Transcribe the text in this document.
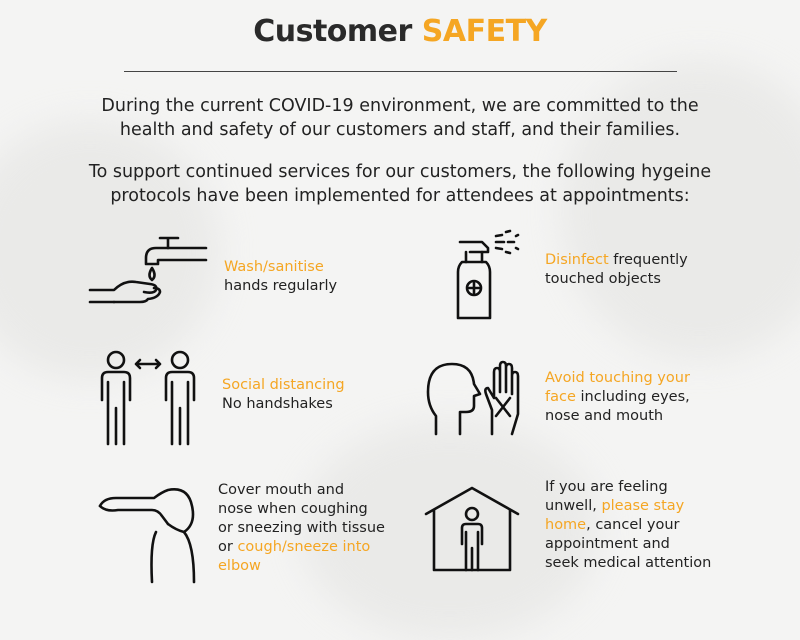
Customer SAFETY
During the current COVID-19 environment, we are committed to the
health and safety of our customers and staff, and their families.
To support continued services for our customers, the following hygeine
protocols have been implemented for attendees at appointments:
Wash/sanitise
hands regularly
Disinfect frequently
touched objects
Social distancing
No handshakes
Avoid touching your
face including eyes,
nose and mouth
Cover mouth and
nose when coughing
or sneezing with tissue
or cough/sneeze into
elbow
If you are feeling
unwell, please stay
home, cancel your
appointment and
seek medical attention
